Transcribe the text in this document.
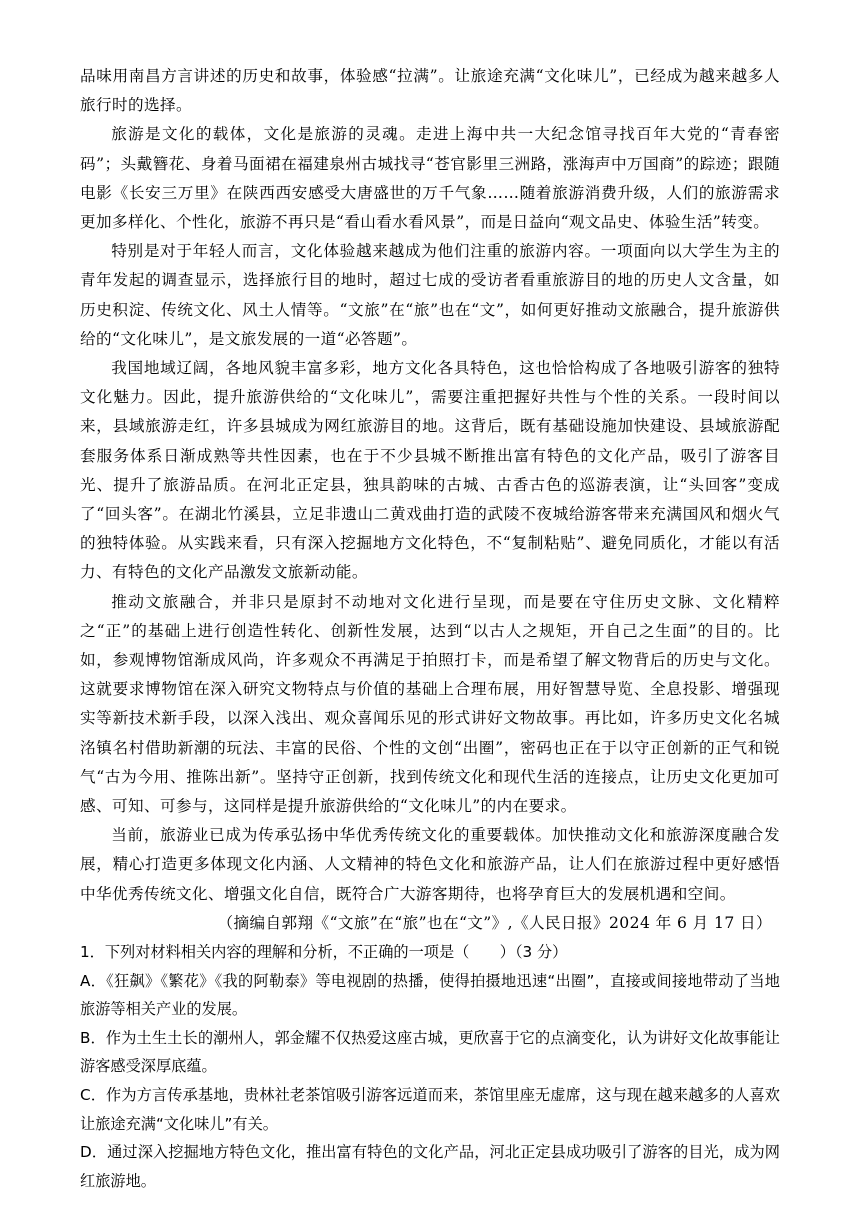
品味用南昌方言讲述的历史和故事，体验感“拉满”。让旅途充满“文化味儿”，已经成为越来越多人旅行时的选择。

旅游是文化的载体，文化是旅游的灵魂。走进上海中共一大纪念馆寻找百年大党的“青春密码”；头戴簪花、身着马面裙在福建泉州古城找寻“苍官影里三洲路，涨海声中万国商”的踪迹；跟随电影《长安三万里》在陕西西安感受大唐盛世的万千气象……随着旅游消费升级，人们的旅游需求更加多样化、个性化，旅游不再只是“看山看水看风景”，而是日益向“观文品史、体验生活”转变。

特别是对于年轻人而言，文化体验越来越成为他们注重的旅游内容。一项面向以大学生为主的青年发起的调查显示，选择旅行目的地时，超过七成的受访者看重旅游目的地的历史人文含量，如历史积淀、传统文化、风土人情等。“文旅”在“旅”也在“文”，如何更好推动文旅融合，提升旅游供给的“文化味儿”，是文旅发展的一道“必答题”。

我国地域辽阔，各地风貌丰富多彩，地方文化各具特色，这也恰恰构成了各地吸引游客的独特文化魅力。因此，提升旅游供给的“文化味儿”，需要注重把握好共性与个性的关系。一段时间以来，县域旅游走红，许多县城成为网红旅游目的地。这背后，既有基础设施加快建设、县域旅游配套服务体系日渐成熟等共性因素，也在于不少县城不断推出富有特色的文化产品，吸引了游客目光、提升了旅游品质。在河北正定县，独具韵味的古城、古香古色的巡游表演，让“头回客”变成了“回头客”。在湖北竹溪县，立足非遗山二黄戏曲打造的武陵不夜城给游客带来充满国风和烟火气的独特体验。从实践来看，只有深入挖掘地方文化特色，不“复制粘贴”、避免同质化，才能以有活力、有特色的文化产品激发文旅新动能。

推动文旅融合，并非只是原封不动地对文化进行呈现，而是要在守住历史文脉、文化精粹之“正”的基础上进行创造性转化、创新性发展，达到“以古人之规矩，开自己之生面”的目的。比如，参观博物馆渐成风尚，许多观众不再满足于拍照打卡，而是希望了解文物背后的历史与文化。这就要求博物馆在深入研究文物特点与价值的基础上合理布展，用好智慧导览、全息投影、增强现实等新技术新手段，以深入浅出、观众喜闻乐见的形式讲好文物故事。再比如，许多历史文化名城洺镇名村借助新潮的玩法、丰富的民俗、个性的文创“出圈”，密码也正在于以守正创新的正气和锐气“古为今用、推陈出新”。坚持守正创新，找到传统文化和现代生活的连接点，让历史文化更加可感、可知、可参与，这同样是提升旅游供给的“文化味儿”的内在要求。

当前，旅游业已成为传承弘扬中华优秀传统文化的重要载体。加快推动文化和旅游深度融合发展，精心打造更多体现文化内涵、人文精神的特色文化和旅游产品，让人们在旅游过程中更好感悟中华优秀传统文化、增强文化自信，既符合广大游客期待，也将孕育巨大的发展机遇和空间。

（摘编自郭翔《“文旅”在“旅”也在“文”》,《人民日报》2024 年 6 月 17 日）

1．下列对材料相关内容的理解和分析，不正确的一项是（　　）（3 分）

A．《狂飙》《繁花》《我的阿勒泰》等电视剧的热播，使得拍摄地迅速“出圈”，直接或间接地带动了当地旅游等相关产业的发展。

B．作为土生土长的潮州人，郭金耀不仅热爱这座古城，更欣喜于它的点滴变化，认为讲好文化故事能让游客感受深厚底蕴。

C．作为方言传承基地，贵林社老茶馆吸引游客远道而来，茶馆里座无虚席，这与现在越来越多的人喜欢让旅途充满“文化味儿”有关。

D．通过深入挖掘地方特色文化，推出富有特色的文化产品，河北正定县成功吸引了游客的目光，成为网红旅游地。
